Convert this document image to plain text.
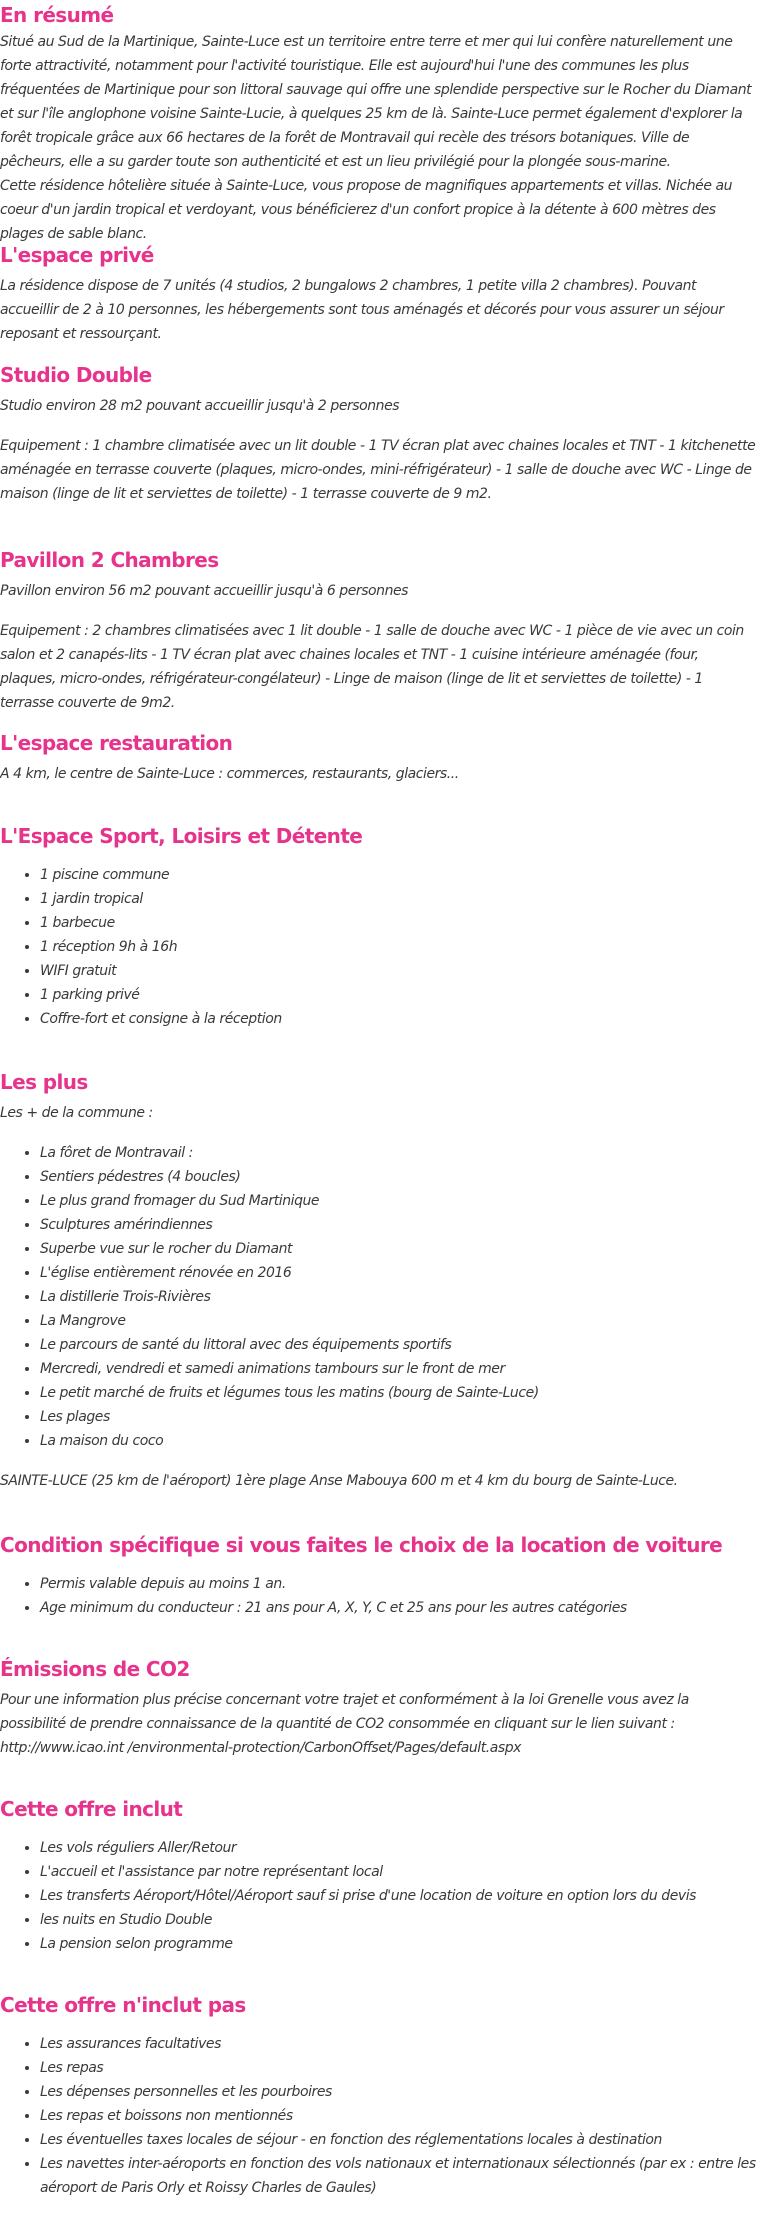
En résumé

Situé au Sud de la Martinique, Sainte-Luce est un territoire entre terre et mer qui lui confère naturellement une forte attractivité, notamment pour l'activité touristique. Elle est aujourd'hui l'une des communes les plus fréquentées de Martinique pour son littoral sauvage qui offre une splendide perspective sur le Rocher du Diamant et sur l'île anglophone voisine Sainte-Lucie, à quelques 25 km de là. Sainte-Luce permet également d'explorer la forêt tropicale grâce aux 66 hectares de la forêt de Montravail qui recèle des trésors botaniques. Ville de pêcheurs, elle a su garder toute son authenticité et est un lieu privilégié pour la plongée sous-marine.

Cette résidence hôtelière située à Sainte-Luce, vous propose de magnifiques appartements et villas. Nichée au coeur d'un jardin tropical et verdoyant, vous bénéficierez d'un confort propice à la détente à 600 mètres des plages de sable blanc.

L'espace privé

La résidence dispose de 7 unités (4 studios, 2 bungalows 2 chambres, 1 petite villa 2 chambres). Pouvant accueillir de 2 à 10 personnes, les hébergements sont tous aménagés et décorés pour vous assurer un séjour reposant et ressourçant.

Studio Double

Studio environ 28 m2 pouvant accueillir jusqu'à 2 personnes

Equipement : 1 chambre climatisée avec un lit double - 1 TV écran plat avec chaines locales et TNT - 1 kitchenette aménagée en terrasse couverte (plaques, micro-ondes, mini-réfrigérateur) - 1 salle de douche avec WC - Linge de maison (linge de lit et serviettes de toilette) - 1 terrasse couverte de 9 m2.

Pavillon 2 Chambres

Pavillon environ 56 m2 pouvant accueillir jusqu'à 6 personnes

Equipement : 2 chambres climatisées avec 1 lit double - 1 salle de douche avec WC - 1 pièce de vie avec un coin salon et 2 canapés-lits - 1 TV écran plat avec chaines locales et TNT - 1 cuisine intérieure aménagée (four, plaques, micro-ondes, réfrigérateur-congélateur) - Linge de maison (linge de lit et serviettes de toilette) - 1 terrasse couverte de 9m2.

L'espace restauration

A 4 km, le centre de Sainte-Luce : commerces, restaurants, glaciers...

L'Espace Sport, Loisirs et Détente
• 1 piscine commune
• 1 jardin tropical
• 1 barbecue
• 1 réception 9h à 16h
• WIFI gratuit
• 1 parking privé
• Coffre-fort et consigne à la réception
Les plus

Les + de la commune :

• La fôret de Montravail :
• Sentiers pédestres (4 boucles)
• Le plus grand fromager du Sud Martinique
• Sculptures amérindiennes
• Superbe vue sur le rocher du Diamant
• L'église entièrement rénovée en 2016
• La distillerie Trois-Rivières
• La Mangrove
• Le parcours de santé du littoral avec des équipements sportifs
• Mercredi, vendredi et samedi animations tambours sur le front de mer
• Le petit marché de fruits et légumes tous les matins (bourg de Sainte-Luce)
• Les plages
• La maison du coco

SAINTE-LUCE (25 km de l'aéroport) 1ère plage Anse Mabouya 600 m et 4 km du bourg de Sainte-Luce.

Condition spécifique si vous faites le choix de la location de voiture
• Permis valable depuis au moins 1 an.
• Age minimum du conducteur : 21 ans pour A, X, Y, C et 25 ans pour les autres catégories
Émissions de CO2

Pour une information plus précise concernant votre trajet et conformément à la loi Grenelle vous avez la possibilité de prendre connaissance de la quantité de CO2 consommée en cliquant sur le lien suivant : http://www.icao.int /environmental-protection/CarbonOffset/Pages/default.aspx

Cette offre inclut
• Les vols réguliers Aller/Retour
• L'accueil et l'assistance par notre représentant local
• Les transferts Aéroport/Hôtel/Aéroport sauf si prise d'une location de voiture en option lors du devis
• les nuits en Studio Double
• La pension selon programme
Cette offre n'inclut pas
• Les assurances facultatives
• Les repas
• Les dépenses personnelles et les pourboires
• Les repas et boissons non mentionnés
• Les éventuelles taxes locales de séjour - en fonction des réglementations locales à destination
• Les navettes inter-aéroports en fonction des vols nationaux et internationaux sélectionnés (par ex : entre les aéroport de Paris Orly et Roissy Charles de Gaules)
